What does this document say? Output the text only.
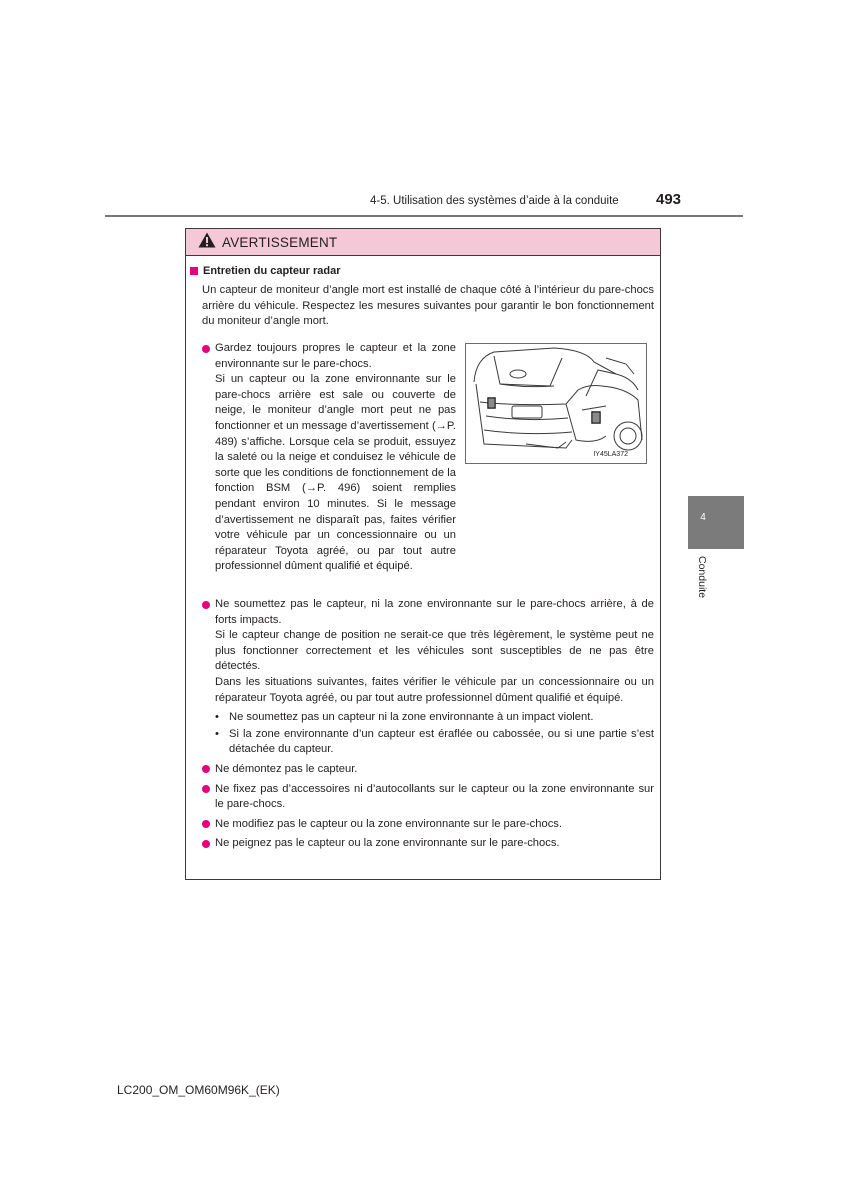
4-5. Utilisation des systèmes d’aide à la conduite 493
4
Conduite
AVERTISSEMENT
Entretien du capteur radar
Un capteur de moniteur d’angle mort est installé de chaque côté à l’intérieur du pare-chocs arrière du véhicule. Respectez les mesures suivantes pour garantir le bon fonctionnement du moniteur d’angle mort.
Gardez toujours propres le capteur et la zone environnante sur le pare-chocs.
Si un capteur ou la zone environnante sur le pare-chocs arrière est sale ou couverte de neige, le moniteur d’angle mort peut ne pas fonctionner et un message d’avertissement (→P. 489) s’affiche. Lorsque cela se produit, essuyez la saleté ou la neige et conduisez le véhicule de sorte que les conditions de fonctionnement de la fonction BSM (→P. 496) soient remplies pendant environ 10 minutes. Si le message d’avertissement ne disparaît pas, faites vérifier votre véhicule par un concessionnaire ou un réparateur Toyota agréé, ou par tout autre professionnel dûment qualifié et équipé.
IY45LA372
Ne soumettez pas le capteur, ni la zone environnante sur le pare-chocs arrière, à de forts impacts.
Si le capteur change de position ne serait-ce que très légèrement, le système peut ne plus fonctionner correctement et les véhicules sont susceptibles de ne pas être détectés.
Dans les situations suivantes, faites vérifier le véhicule par un concessionnaire ou un réparateur Toyota agréé, ou par tout autre professionnel dûment qualifié et équipé.
• Ne soumettez pas un capteur ni la zone environnante à un impact violent.
• Si la zone environnante d’un capteur est éraflée ou cabossée, ou si une partie s’est détachée du capteur.
Ne démontez pas le capteur.
Ne fixez pas d’accessoires ni d’autocollants sur le capteur ou la zone environnante sur le pare-chocs.
Ne modifiez pas le capteur ou la zone environnante sur le pare-chocs.
Ne peignez pas le capteur ou la zone environnante sur le pare-chocs.
LC200_OM_OM60M96K_(EK)
